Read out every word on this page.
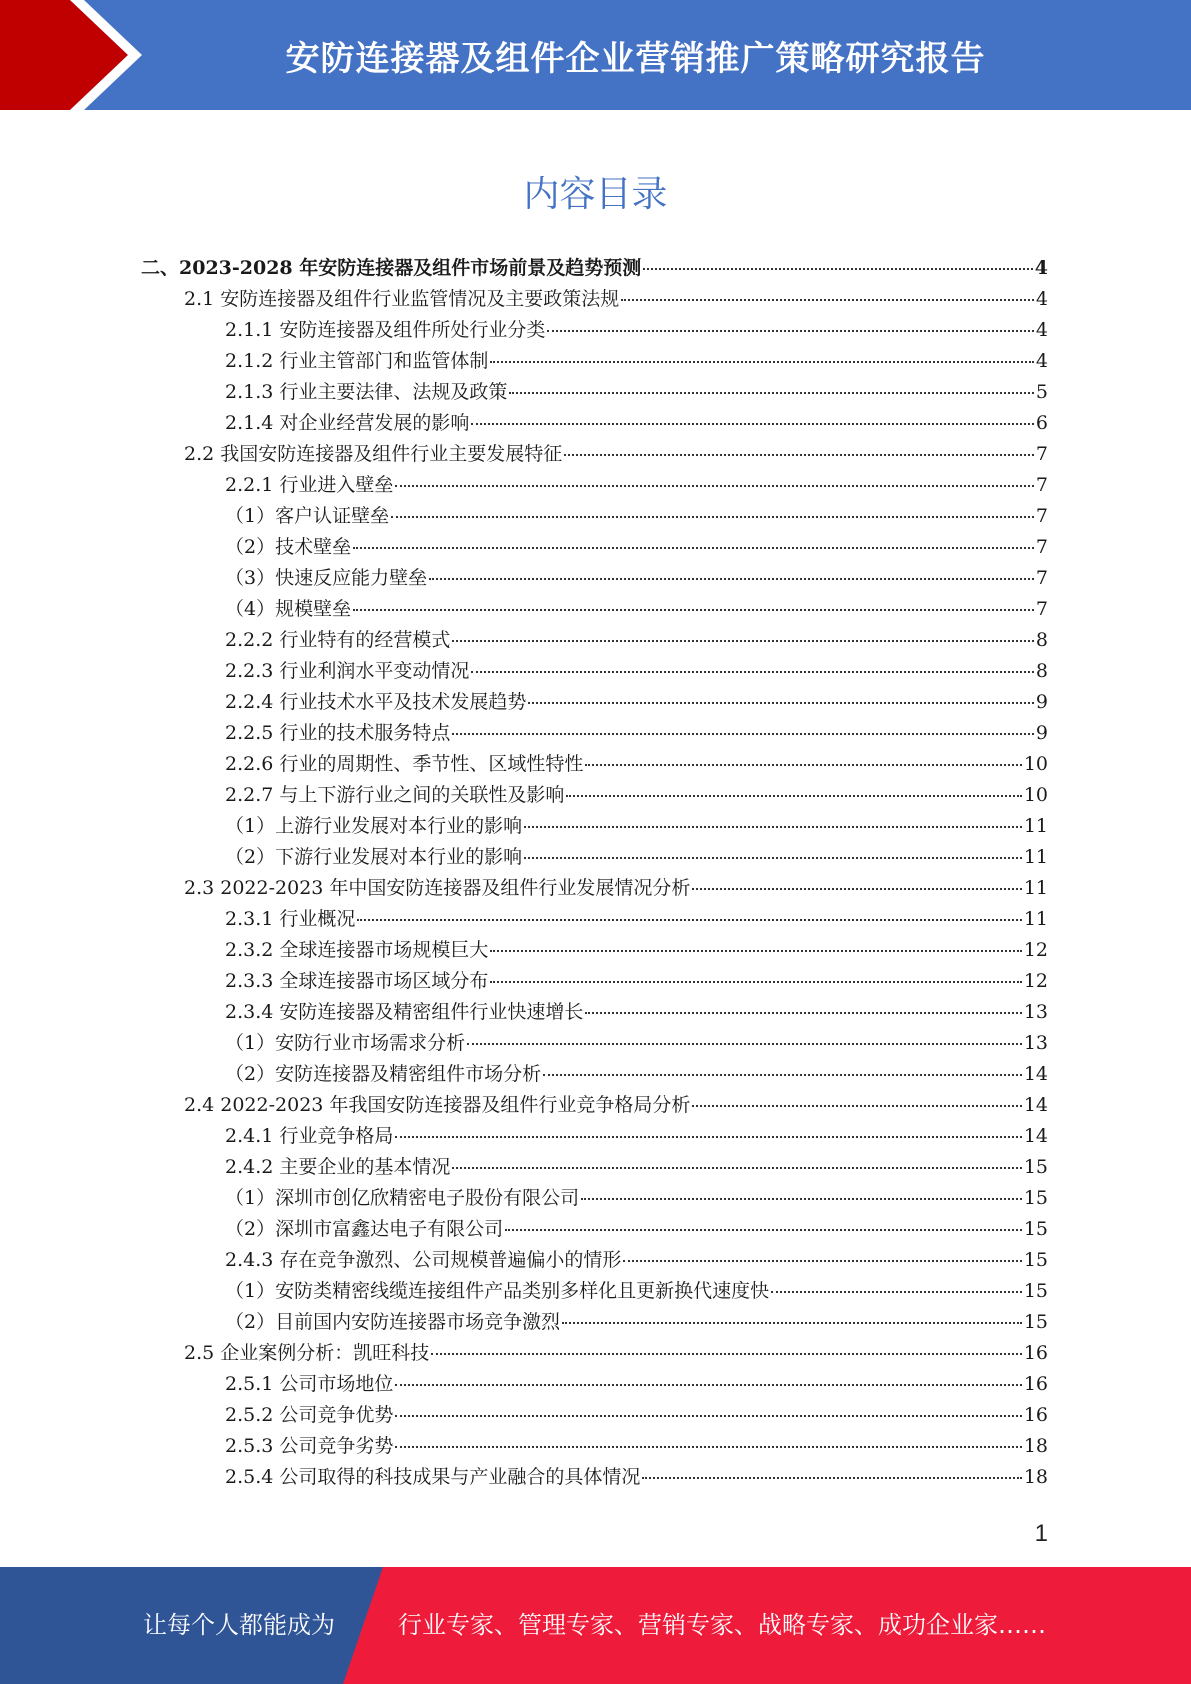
安防连接器及组件企业营销推广策略研究报告
内容目录
二、2023-2028 年安防连接器及组件市场前景及趋势预测	4
2.1 安防连接器及组件行业监管情况及主要政策法规	4
2.1.1 安防连接器及组件所处行业分类	4
2.1.2 行业主管部门和监管体制	4
2.1.3 行业主要法律、法规及政策	5
2.1.4 对企业经营发展的影响	6
2.2 我国安防连接器及组件行业主要发展特征	7
2.2.1 行业进入壁垒	7
（1）客户认证壁垒	7
（2）技术壁垒	7
（3）快速反应能力壁垒	7
（4）规模壁垒	7
2.2.2 行业特有的经营模式	8
2.2.3 行业利润水平变动情况	8
2.2.4 行业技术水平及技术发展趋势	9
2.2.5 行业的技术服务特点	9
2.2.6 行业的周期性、季节性、区域性特性	10
2.2.7 与上下游行业之间的关联性及影响	10
（1）上游行业发展对本行业的影响	11
（2）下游行业发展对本行业的影响	11
2.3 2022-2023 年中国安防连接器及组件行业发展情况分析	11
2.3.1 行业概况	11
2.3.2 全球连接器市场规模巨大	12
2.3.3 全球连接器市场区域分布	12
2.3.4 安防连接器及精密组件行业快速增长	13
（1）安防行业市场需求分析	13
（2）安防连接器及精密组件市场分析	14
2.4 2022-2023 年我国安防连接器及组件行业竞争格局分析	14
2.4.1 行业竞争格局	14
2.4.2 主要企业的基本情况	15
（1）深圳市创亿欣精密电子股份有限公司	15
（2）深圳市富鑫达电子有限公司	15
2.4.3 存在竞争激烈、公司规模普遍偏小的情形	15
（1）安防类精密线缆连接组件产品类别多样化且更新换代速度快	15
（2）目前国内安防连接器市场竞争激烈	15
2.5 企业案例分析：凯旺科技	16
2.5.1 公司市场地位	16
2.5.2 公司竞争优势	16
2.5.3 公司竞争劣势	18
2.5.4 公司取得的科技成果与产业融合的具体情况	18
1
让每个人都能成为	行业专家、管理专家、营销专家、战略专家、成功企业家……
